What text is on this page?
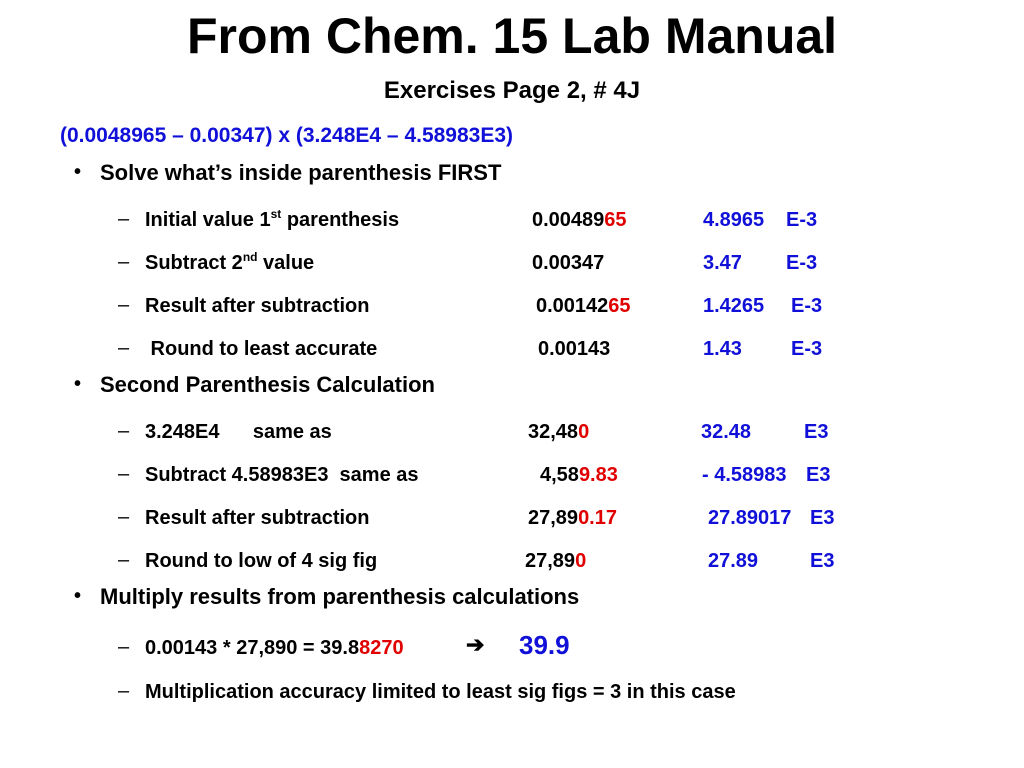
From Chem. 15 Lab Manual
Exercises Page 2, # 4J
(0.0048965 – 0.00347) x (3.248E4 – 4.58983E3)
• Solve what’s inside parenthesis FIRST
– Initial value 1st parenthesis	0.0048965	4.8965 E-3
– Subtract 2nd value	0.00347	3.47 E-3
– Result after subtraction	0.0014265	1.4265 E-3
– Round to least accurate	0.00143	1.43 E-3
• Second Parenthesis Calculation
– 3.248E4      same as	32,480	32.48	E3
– Subtract 4.58983E3  same as	4,589.83	- 4.58983 E3
– Result after subtraction	27,890.17	27.89017 E3
– Round to low of 4 sig fig	27,890	27.89	E3
• Multiply results from parenthesis calculations
– 0.00143 * 27,890 = 39.88270	➔ 39.9
– Multiplication accuracy limited to least sig figs = 3 in this case
